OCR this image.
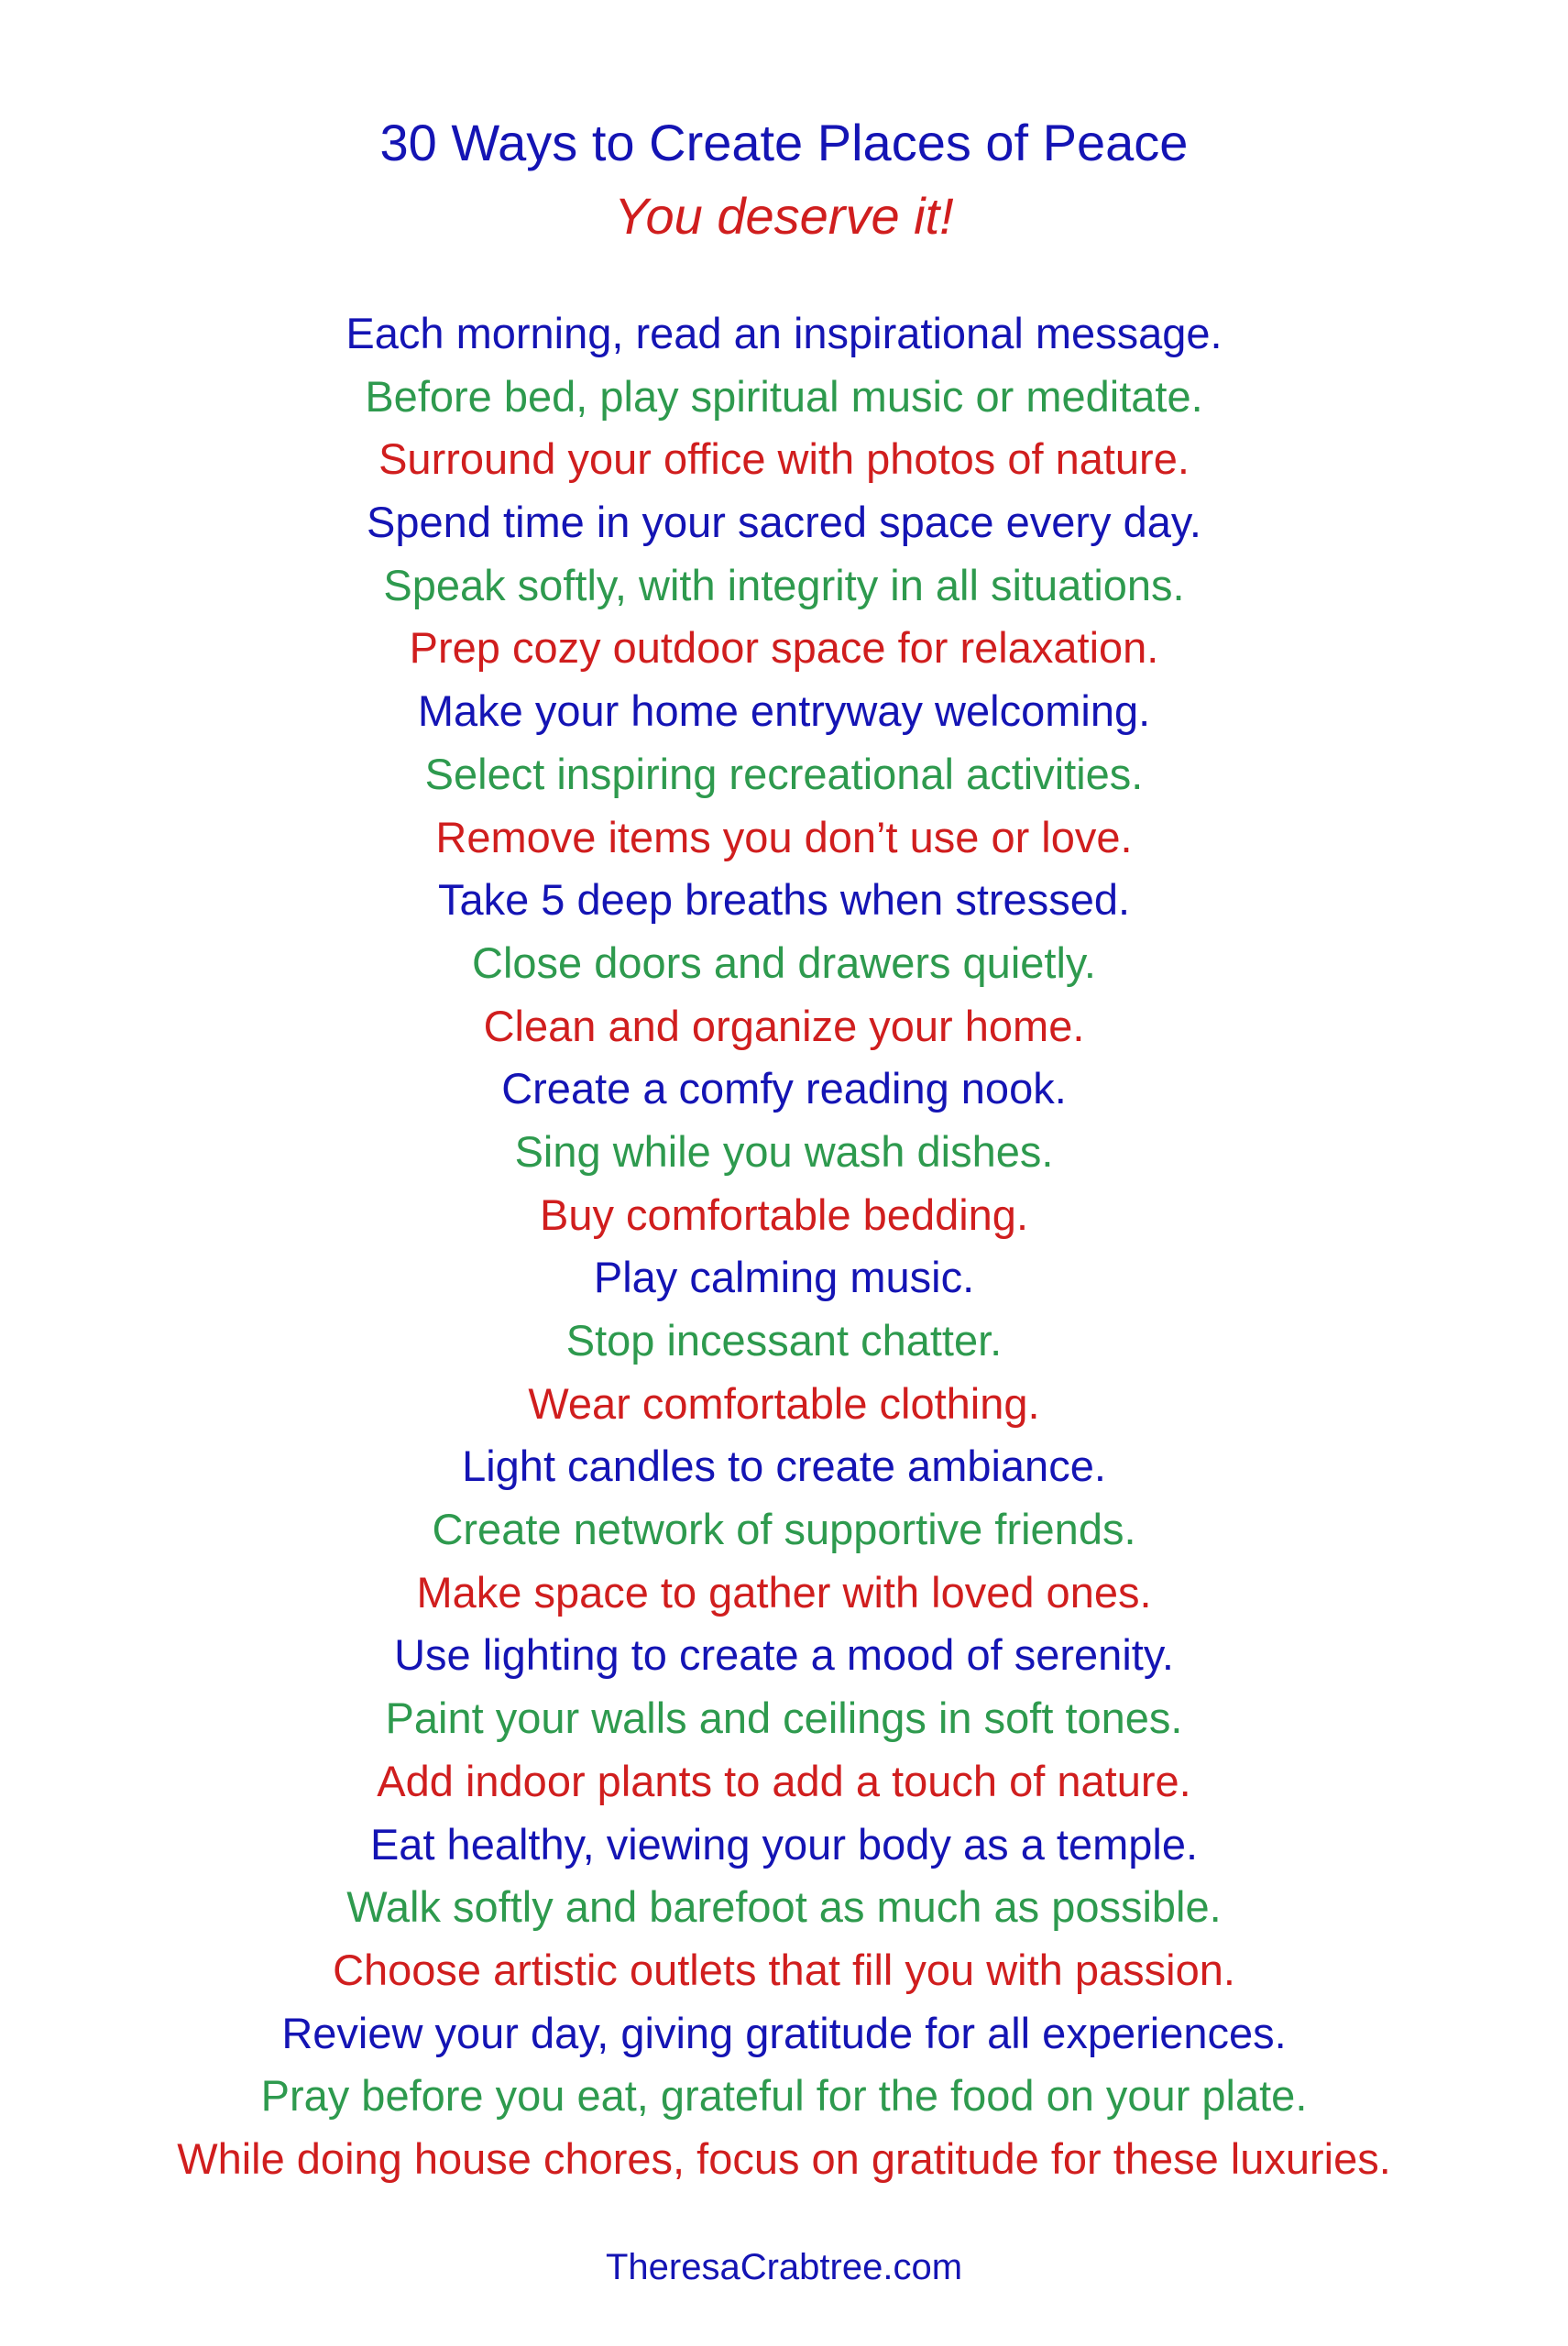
30 Ways to Create Places of Peace
You deserve it!
Each morning, read an inspirational message.
Before bed, play spiritual music or meditate.
Surround your office with photos of nature.
Spend time in your sacred space every day.
Speak softly, with integrity in all situations.
Prep cozy outdoor space for relaxation.
Make your home entryway welcoming.
Select inspiring recreational activities.
Remove items you don’t use or love.
Take 5 deep breaths when stressed.
Close doors and drawers quietly.
Clean and organize your home.
Create a comfy reading nook.
Sing while you wash dishes.
Buy comfortable bedding.
Play calming music.
Stop incessant chatter.
Wear comfortable clothing.
Light candles to create ambiance.
Create network of supportive friends.
Make space to gather with loved ones.
Use lighting to create a mood of serenity.
Paint your walls and ceilings in soft tones.
Add indoor plants to add a touch of nature.
Eat healthy, viewing your body as a temple.
Walk softly and barefoot as much as possible.
Choose artistic outlets that fill you with passion.
Review your day, giving gratitude for all experiences.
Pray before you eat, grateful for the food on your plate.
While doing house chores, focus on gratitude for these luxuries.
TheresaCrabtree.com
